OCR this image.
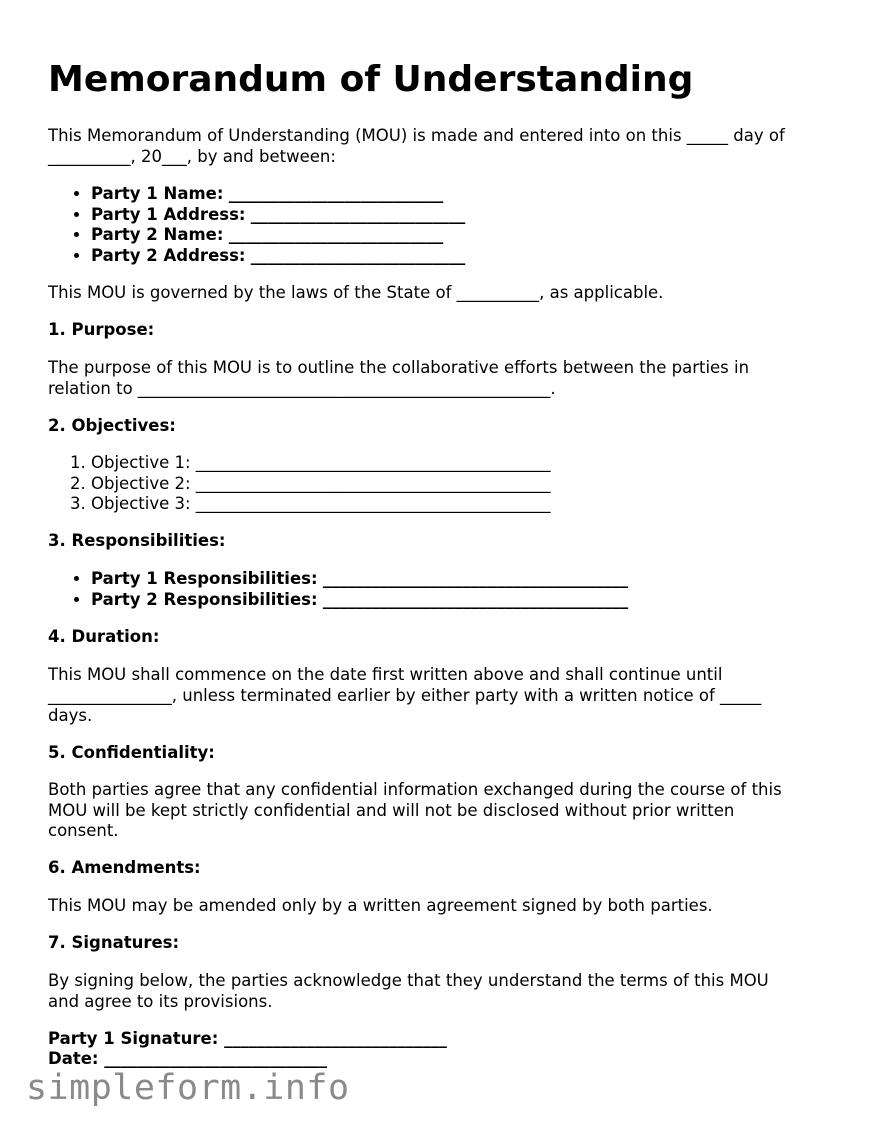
Memorandum of Understanding

This Memorandum of Understanding (MOU) is made and entered into on this _____ day of
__________, 20___, by and between:

• Party 1 Name: __________________________
• Party 1 Address: __________________________
• Party 2 Name: __________________________
• Party 2 Address: __________________________

This MOU is governed by the laws of the State of __________, as applicable.

1. Purpose:

The purpose of this MOU is to outline the collaborative efforts between the parties in
relation to __________________________________________________.

2. Objectives:

1. Objective 1: ___________________________________________
2. Objective 2: ___________________________________________
3. Objective 3: ___________________________________________

3. Responsibilities:

• Party 1 Responsibilities: _____________________________________
• Party 2 Responsibilities: _____________________________________

4. Duration:

This MOU shall commence on the date first written above and shall continue until
_______________, unless terminated earlier by either party with a written notice of _____
days.

5. Confidentiality:

Both parties agree that any confidential information exchanged during the course of this
MOU will be kept strictly confidential and will not be disclosed without prior written
consent.

6. Amendments:

This MOU may be amended only by a written agreement signed by both parties.

7. Signatures:

By signing below, the parties acknowledge that they understand the terms of this MOU
and agree to its provisions.

Party 1 Signature: ___________________________
Date: ___________________________
simpleform.info
